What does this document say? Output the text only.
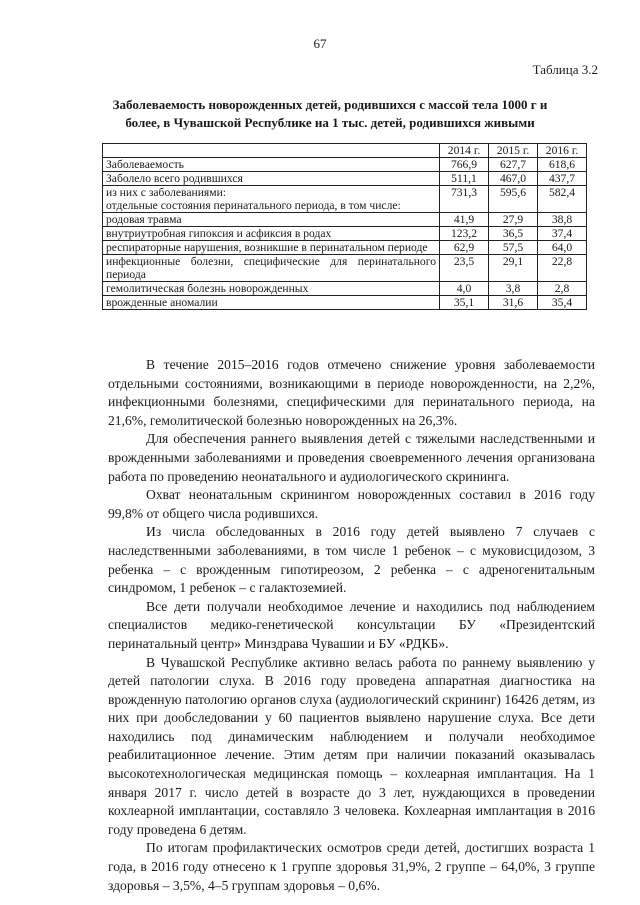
67
Таблица 3.2
Заболеваемость новорожденных детей, родившихся с массой тела 1000 г и более, в Чувашской Республике на 1 тыс. детей, родившихся живыми
	2014 г.	2015 г.	2016 г.
Заболеваемость	766,9	627,7	618,6
Заболело всего родившихся	511,1	467,0	437,7
из них с заболеваниями:	731,3	595,6	582,4
отдельные состояния перинатального периода, в том числе:			
родовая травма	41,9	27,9	38,8
внутриутробная гипоксия и асфиксия в родах	123,2	36,5	37,4
респираторные нарушения, возникшие в перинатальном периоде	62,9	57,5	64,0
инфекционные болезни, специфические для перинатального периода	23,5	29,1	22,8
гемолитическая болезнь новорожденных	4,0	3,8	2,8
врожденные аномалии	35,1	31,6	35,4

В течение 2015–2016 годов отмечено снижение уровня заболеваемости отдельными состояниями, возникающими в периоде новорожденности, на 2,2%, инфекционными болезнями, специфическими для перинатального периода, на 21,6%, гемолитической болезнью новорожденных на 26,3%.

Для обеспечения раннего выявления детей с тяжелыми наследственными и врожденными заболеваниями и проведения своевременного лечения организована работа по проведению неонатального и аудиологического скрининга.

Охват неонатальным скринингом новорожденных составил в 2016 году 99,8% от общего числа родившихся.

Из числа обследованных в 2016 году детей выявлено 7 случаев с наследственными заболеваниями, в том числе 1 ребенок – с муковисцидозом, 3 ребенка – с врожденным гипотиреозом, 2 ребенка – с адреногенитальным синдромом, 1 ребенок – с галактоземией.

Все дети получали необходимое лечение и находились под наблюдением специалистов медико-генетической консультации БУ «Президентский перинатальный центр» Минздрава Чувашии и БУ «РДКБ».

В Чувашской Республике активно велась работа по раннему выявлению у детей патологии слуха. В 2016 году проведена аппаратная диагностика на врожденную патологию органов слуха (аудиологический скрининг) 16426 детям, из них при дообследовании у 60 пациентов выявлено нарушение слуха. Все дети находились под динамическим наблюдением и получали необходимое реабилитационное лечение. Этим детям при наличии показаний оказывалась высокотехнологическая медицинская помощь – кохлеарная имплантация. На 1 января 2017 г. число детей в возрасте до 3 лет, нуждающихся в проведении кохлеарной имплантации, составляло 3 человека. Кохлеарная имплантация в 2016 году проведена 6 детям.

По итогам профилактических осмотров среди детей, достигших возраста 1 года, в 2016 году отнесено к 1 группе здоровья 31,9%, 2 группе – 64,0%, 3 группе здоровья – 3,5%, 4–5 группам здоровья – 0,6%.
